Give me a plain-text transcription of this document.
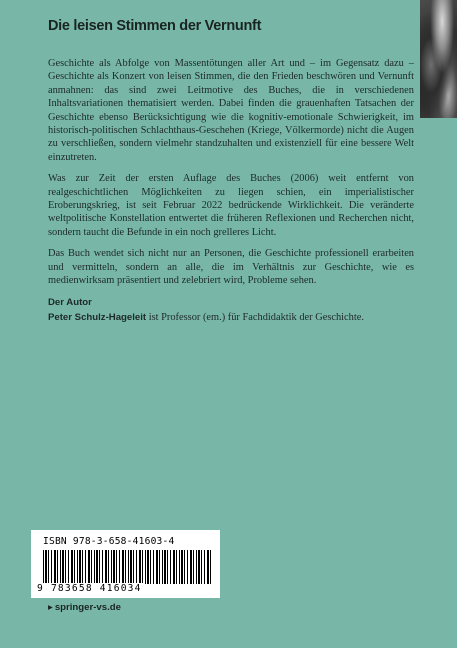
Die leisen Stimmen der Vernunft

Geschichte als Abfolge von Massentötungen aller Art und – im Gegensatz dazu – Geschichte als Konzert von leisen Stimmen, die den Frieden beschwören und Vernunft anmahnen: das sind zwei Leitmotive des Buches, die in verschiedenen Inhaltsvariationen thematisiert werden. Dabei finden die grauenhaften Tatsachen der Geschichte ebenso Berücksichtigung wie die kognitiv-emotionale Schwierigkeit, im historisch-politischen Schlachthaus-Geschehen (Kriege, Völkermorde) nicht die Augen zu verschließen, sondern vielmehr standzuhalten und existenziell für eine bessere Welt einzutreten.

Was zur Zeit der ersten Auflage des Buches (2006) weit entfernt von realgeschichtlichen Möglichkeiten zu liegen schien, ein imperialistischer Eroberungskrieg, ist seit Februar 2022 bedrückende Wirklichkeit. Die veränderte weltpolitische Konstellation entwertet die früheren Reflexionen und Recherchen nicht, sondern taucht die Befunde in ein noch grelleres Licht.

Das Buch wendet sich nicht nur an Personen, die Geschichte professionell erarbeiten und vermitteln, sondern an alle, die im Verhältnis zur Geschichte, wie es medienwirksam präsentiert und zelebriert wird, Probleme sehen.

Der Autor
Peter Schulz-Hageleit ist Professor (em.) für Fachdidaktik der Geschichte.
ISBN 978-3-658-41603-4
9 783658 416034
▸ springer-vs.de
